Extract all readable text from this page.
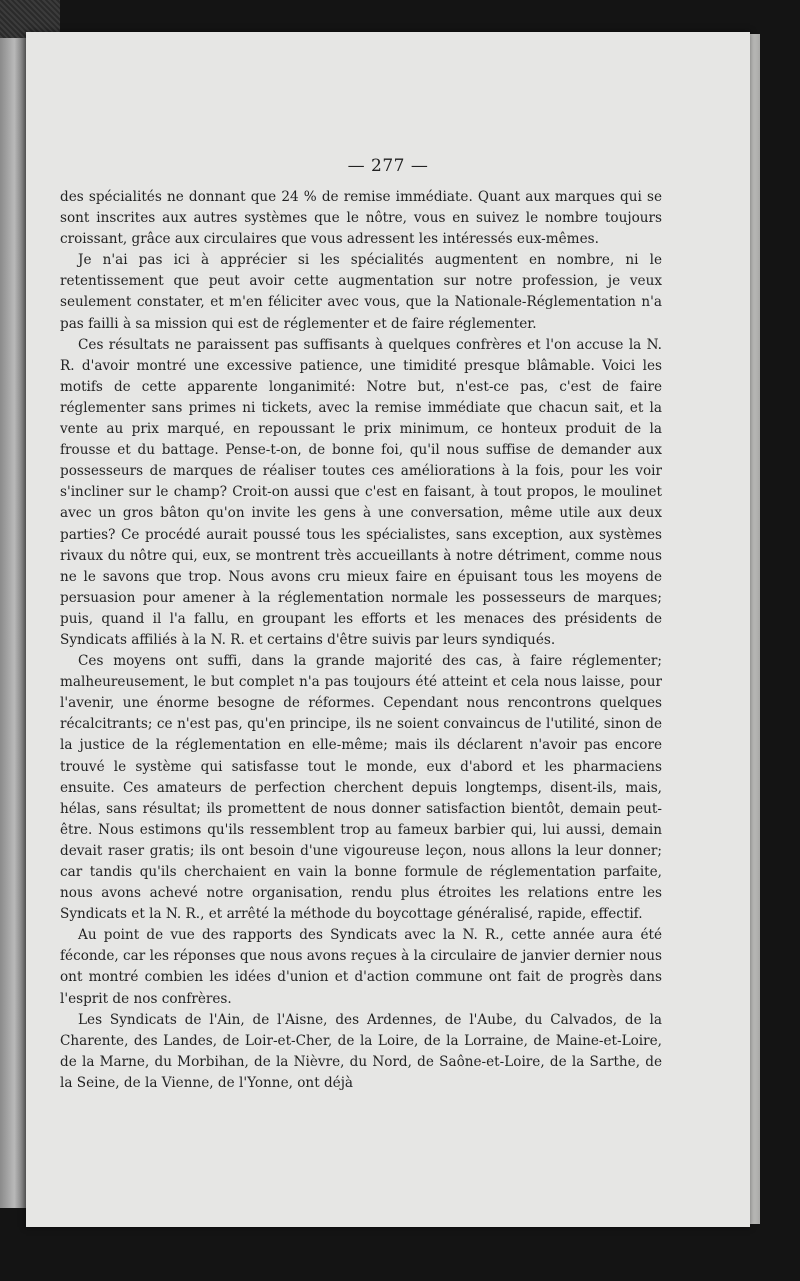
— 277 —

des spécialités ne donnant que 24 % de remise immédiate. Quant aux marques qui se sont inscrites aux autres systèmes que le nôtre, vous en suivez le nombre toujours croissant, grâce aux circulaires que vous adressent les intéressés eux-mêmes.

Je n'ai pas ici à apprécier si les spécialités augmentent en nombre, ni le retentissement que peut avoir cette augmentation sur notre profession, je veux seulement constater, et m'en féliciter avec vous, que la Nationale-Réglementation n'a pas failli à sa mission qui est de réglementer et de faire réglementer.

Ces résultats ne paraissent pas suffisants à quelques confrères et l'on accuse la N. R. d'avoir montré une excessive patience, une timidité presque blâmable. Voici les motifs de cette apparente longanimité: Notre but, n'est-ce pas, c'est de faire réglementer sans primes ni tickets, avec la remise immédiate que chacun sait, et la vente au prix marqué, en repoussant le prix minimum, ce honteux produit de la frousse et du battage. Pense-t-on, de bonne foi, qu'il nous suffise de demander aux possesseurs de marques de réaliser toutes ces améliorations à la fois, pour les voir s'incliner sur le champ? Croit-on aussi que c'est en faisant, à tout propos, le moulinet avec un gros bâton qu'on invite les gens à une conversation, même utile aux deux parties? Ce procédé aurait poussé tous les spécialistes, sans exception, aux systèmes rivaux du nôtre qui, eux, se montrent très accueillants à notre détriment, comme nous ne le savons que trop. Nous avons cru mieux faire en épuisant tous les moyens de persuasion pour amener à la réglementation normale les possesseurs de marques; puis, quand il l'a fallu, en groupant les efforts et les menaces des présidents de Syndicats affiliés à la N. R. et certains d'être suivis par leurs syndiqués.

Ces moyens ont suffi, dans la grande majorité des cas, à faire réglementer; malheureusement, le but complet n'a pas toujours été atteint et cela nous laisse, pour l'avenir, une énorme besogne de réformes. Cependant nous rencontrons quelques récalcitrants; ce n'est pas, qu'en principe, ils ne soient convaincus de l'utilité, sinon de la justice de la réglementation en elle-même; mais ils déclarent n'avoir pas encore trouvé le système qui satisfasse tout le monde, eux d'abord et les pharmaciens ensuite. Ces amateurs de perfection cherchent depuis longtemps, disent-ils, mais, hélas, sans résultat; ils promettent de nous donner satisfaction bientôt, demain peut-être. Nous estimons qu'ils ressemblent trop au fameux barbier qui, lui aussi, demain devait raser gratis; ils ont besoin d'une vigoureuse leçon, nous allons la leur donner; car tandis qu'ils cherchaient en vain la bonne formule de réglementation parfaite, nous avons achevé notre organisation, rendu plus étroites les relations entre les Syndicats et la N. R., et arrêté la méthode du boycottage généralisé, rapide, effectif.

Au point de vue des rapports des Syndicats avec la N. R., cette année aura été féconde, car les réponses que nous avons reçues à la circulaire de janvier dernier nous ont montré combien les idées d'union et d'action commune ont fait de progrès dans l'esprit de nos confrères.

Les Syndicats de l'Ain, de l'Aisne, des Ardennes, de l'Aube, du Calvados, de la Charente, des Landes, de Loir-et-Cher, de la Loire, de la Lorraine, de Maine-et-Loire, de la Marne, du Morbihan, de la Nièvre, du Nord, de Saône-et-Loire, de la Sarthe, de la Seine, de la Vienne, de l'Yonne, ont déjà
